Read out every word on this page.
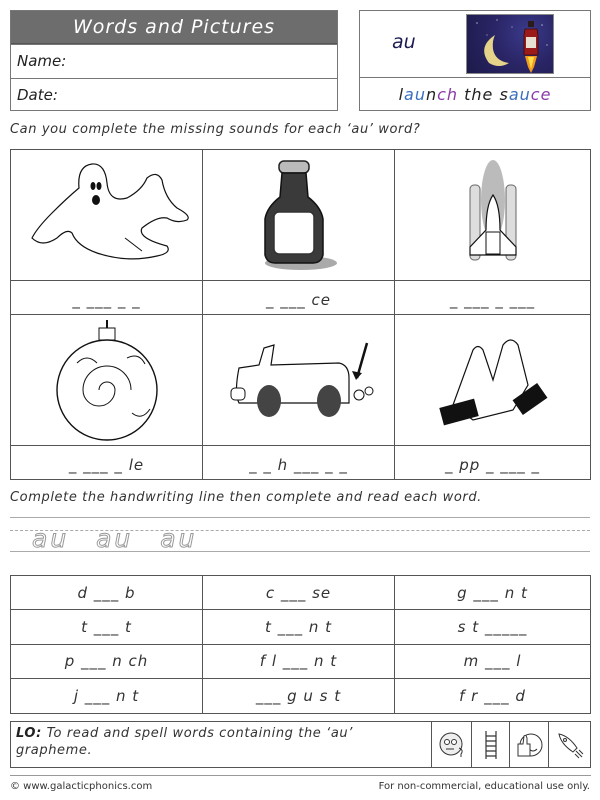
Words and Pictures
Name:
Date:
au
launch the sauce
Can you complete the missing sounds for each ‘au’ word?
_ ___ _ _	_ ___ ce	_ ___ _ ___
_ ___ _ le	_ _ h ___ _ _	_ pp _ ___ _
Complete the handwriting line then complete and read each word.
au au au
d ___ b	c ___ se	g ___ n t
t ___ t	t ___ n t	s t _____
p ___ n ch	f l ___ n t	m ___ l
j ___ n t	___ g u s t	f r ___ d
LO: To read and spell words containing the ‘au’ grapheme.
© www.galacticphonics.com	For non-commercial, educational use only.
